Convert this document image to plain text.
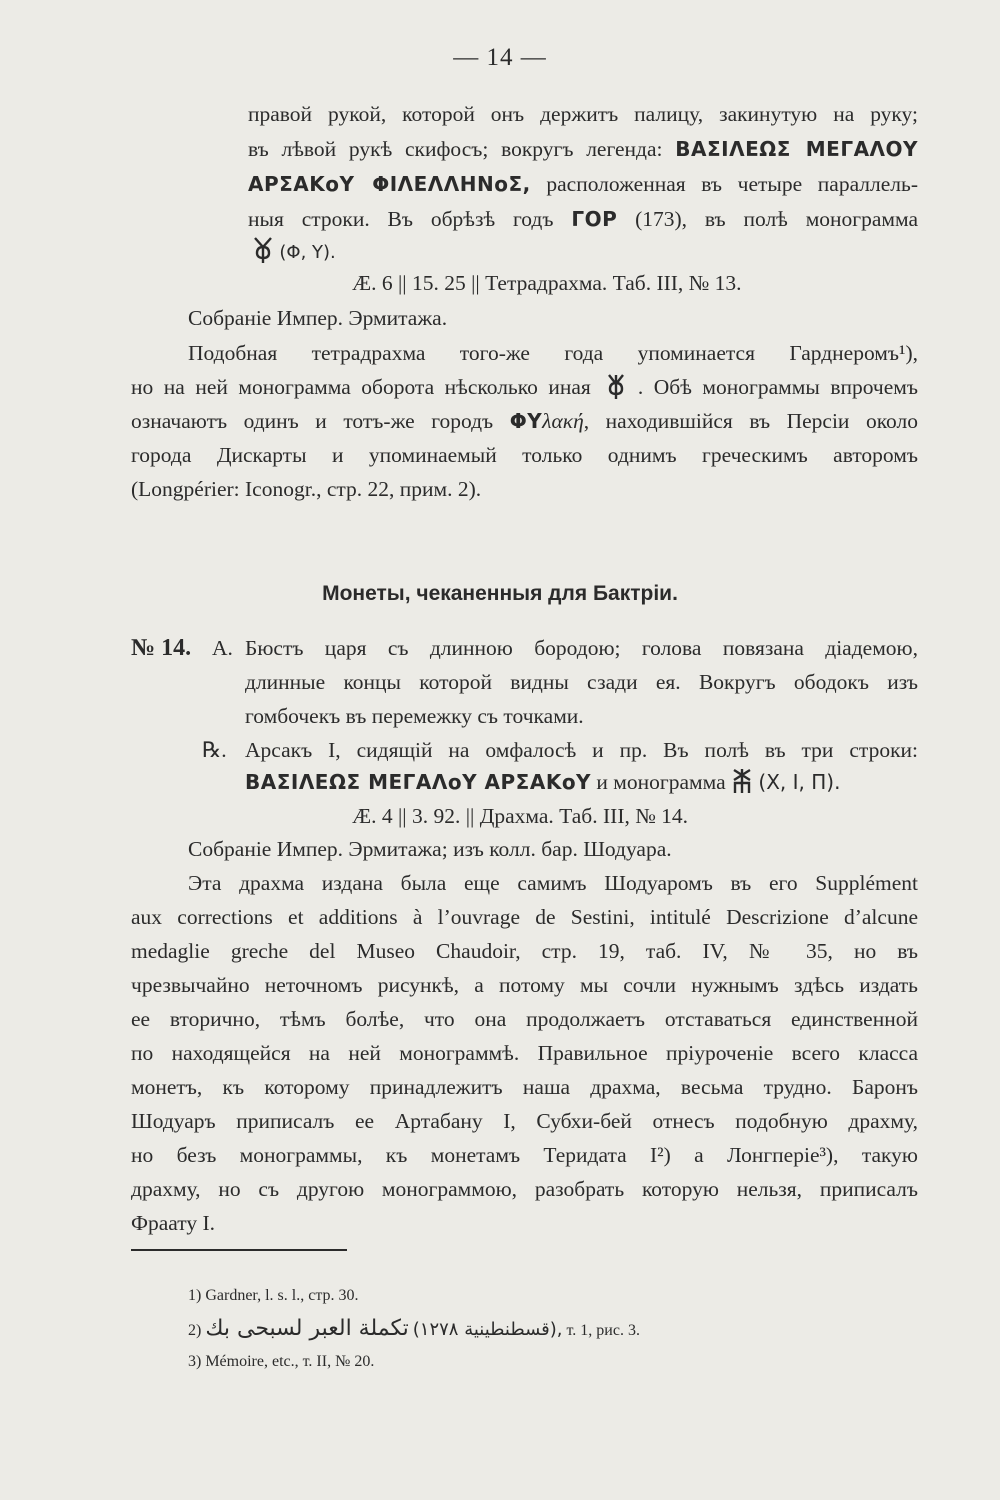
— 14 —
правой рукой, которой онъ держитъ палицу, закинутую на руку;
въ лѣвой рукѣ скифосъ; вокругъ легенда: ΒΑΣΙΛΕΩΣ ΜΕΓΑΛΟΥ
ΑΡΣΑΚοΥ ΦΙΛΕΛΛΗΝοΣ, расположенная въ четыре параллель-
ныя строки. Въ обрѣзѣ годъ ΓΟΡ (173), въ полѣ монограмма
(Φ, Υ).
Æ. 6 || 15. 25 || Тетрадрахма. Таб. III, № 13.
Собраніе Импер. Эрмитажа.
Подобная тетрадрахма того-же года упоминается Гарднеромъ¹),
но на ней монограмма оборота нѣсколько иная . Обѣ монограммы впрочемъ
означаютъ одинъ и тотъ-же городъ ΦΥλακή, находившійся въ Персіи около
города Дискарты и упоминаемый только однимъ греческимъ авторомъ
(Longpérier: Iconogr., стр. 22, прим. 2).
Монеты, чеканенныя для Бактріи.
№ 14. А. Бюстъ царя съ длинною бородою; голова повязана діадемою,
длинные концы которой видны сзади ея. Вокругъ ободокъ изъ
гомбочекъ въ перемежку съ точками.
℞. Арсакъ I, сидящій на омфалосѣ и пр. Въ полѣ въ три строки:
ΒΑΣΙΛΕΩΣ ΜΕΓΑΛοΥ ΑΡΣΑΚοΥ и монограмма (Χ, Ι, Π).
Æ. 4 || 3. 92. || Драхма. Таб. III, № 14.
Собраніе Импер. Эрмитажа; изъ колл. бар. Шодуара.
Эта драхма издана была еще самимъ Шодуаромъ въ его Supplément
aux corrections et additions à l’ouvrage de Sestini, intitulé Descrizione d’alcune
medaglie greche del Museo Chaudoir, стр. 19, таб. IV, № 35, но въ
чрезвычайно неточномъ рисункѣ, а потому мы сочли нужнымъ здѣсь издать
ее вторично, тѣмъ болѣе, что она продолжаетъ отставаться единственной
по находящейся на ней монограммѣ. Правильное пріуроченіе всего класса
монетъ, къ которому принадлежитъ наша драхма, весьма трудно. Баронъ
Шодуаръ приписалъ ее Артабану I, Субхи-бей отнесъ подобную драхму,
но безъ монограммы, къ монетамъ Теридата I²) а Лонгперіе³), такую
драхму, но съ другою монограммою, разобрать которую нельзя, приписалъ
Фраату I.
1) Gardner, l. s. l., стр. 30.
2) تكملة العبر لسبحى بك (قسطنطينية ١٢٧٨), т. 1, рис. 3.
3) Mémoire, etc., т. II, № 20.
